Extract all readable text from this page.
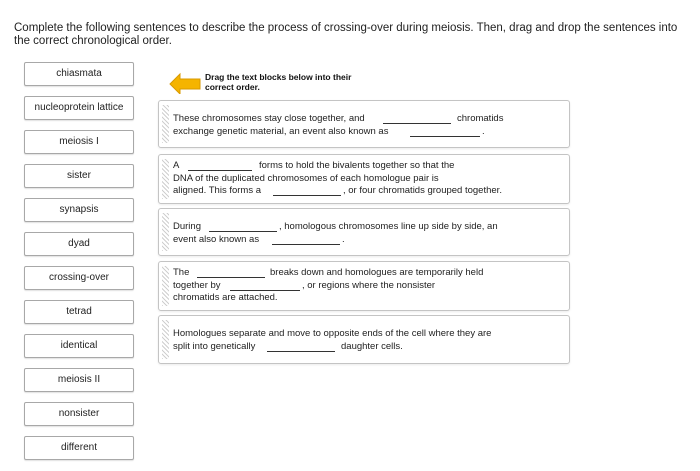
Complete the following sentences to describe the process of crossing-over during meiosis. Then, drag and drop the sentences into the correct chronological order.
chiasmata
nucleoprotein lattice
meiosis I
sister
synapsis
dyad
crossing-over
tetrad
identical
meiosis II
nonsister
different
Drag the text blocks below into their
correct order.
These chromosomes stay close together, and	chromatids
exchange genetic material, an event also known as	.
A	forms to hold the bivalents together so that the
DNA of the duplicated chromosomes of each homologue pair is
aligned. This forms a	, or four chromatids grouped together.
During	, homologous chromosomes line up side by side, an
event also known as	.
The	breaks down and homologues are temporarily held
together by	, or regions where the nonsister
chromatids are attached.
Homologues separate and move to opposite ends of the cell where they are
split into genetically	daughter cells.
